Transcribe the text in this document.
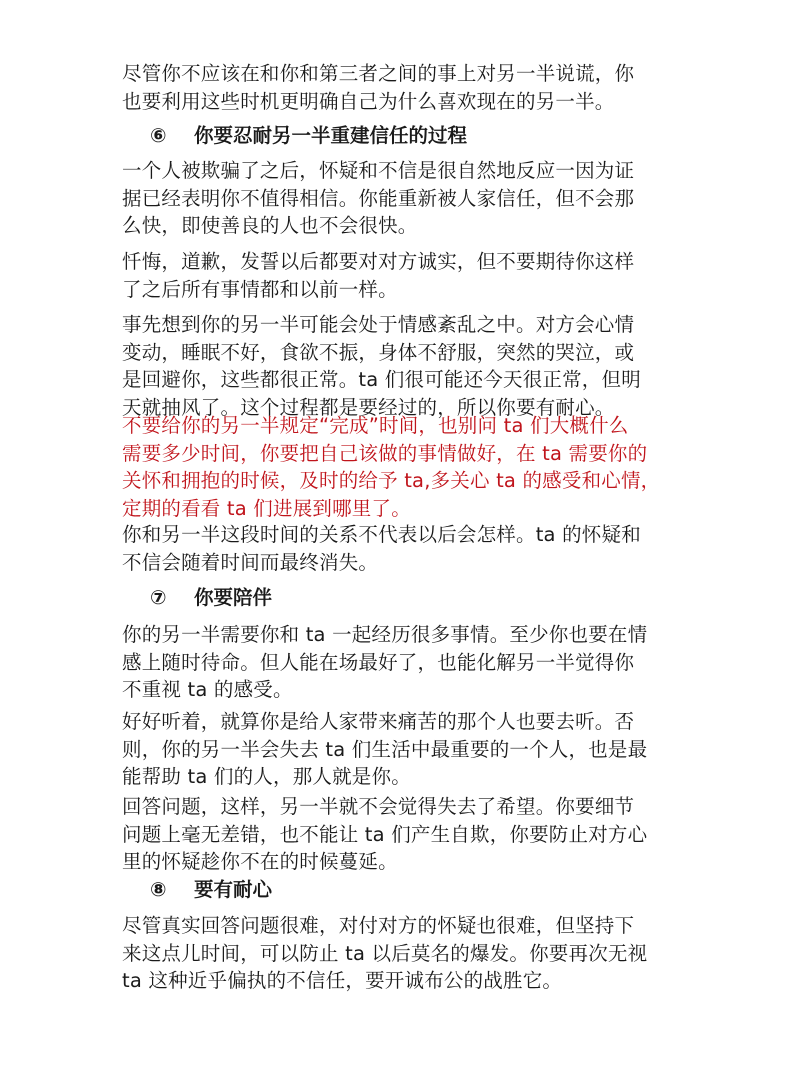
尽管你不应该在和你和第三者之间的事上对另一半说谎，你
也要利用这些时机更明确自己为什么喜欢现在的另一半。
⑥ 你要忍耐另一半重建信任的过程
一个人被欺骗了之后，怀疑和不信是很自然地反应一因为证
据已经表明你不值得相信。你能重新被人家信任，但不会那
么快，即使善良的人也不会很快。
忏悔，道歉，发誓以后都要对对方诚实，但不要期待你这样
了之后所有事情都和以前一样。
事先想到你的另一半可能会处于情感紊乱之中。对方会心情
变动，睡眠不好，食欲不振，身体不舒服，突然的哭泣，或
是回避你，这些都很正常。ta 们很可能还今天很正常，但明
天就抽风了。这个过程都是要经过的，所以你要有耐心。
不要给你的另一半规定“完成”时间，也别问 ta 们大概什么
需要多少时间，你要把自己该做的事情做好，在 ta 需要你的
关怀和拥抱的时候，及时的给予 ta,多关心 ta 的感受和心情，
定期的看看 ta 们进展到哪里了。
你和另一半这段时间的关系不代表以后会怎样。ta 的怀疑和
不信会随着时间而最终消失。
⑦ 你要陪伴
你的另一半需要你和 ta 一起经历很多事情。至少你也要在情
感上随时待命。但人能在场最好了，也能化解另一半觉得你
不重视 ta 的感受。
好好听着，就算你是给人家带来痛苦的那个人也要去听。否
则，你的另一半会失去 ta 们生活中最重要的一个人，也是最
能帮助 ta 们的人，那人就是你。
回答问题，这样，另一半就不会觉得失去了希望。你要细节
问题上毫无差错，也不能让 ta 们产生自欺，你要防止对方心
里的怀疑趁你不在的时候蔓延。
⑧ 要有耐心
尽管真实回答问题很难，对付对方的怀疑也很难，但坚持下
来这点儿时间，可以防止 ta 以后莫名的爆发。你要再次无视
ta 这种近乎偏执的不信任，要开诚布公的战胜它。
